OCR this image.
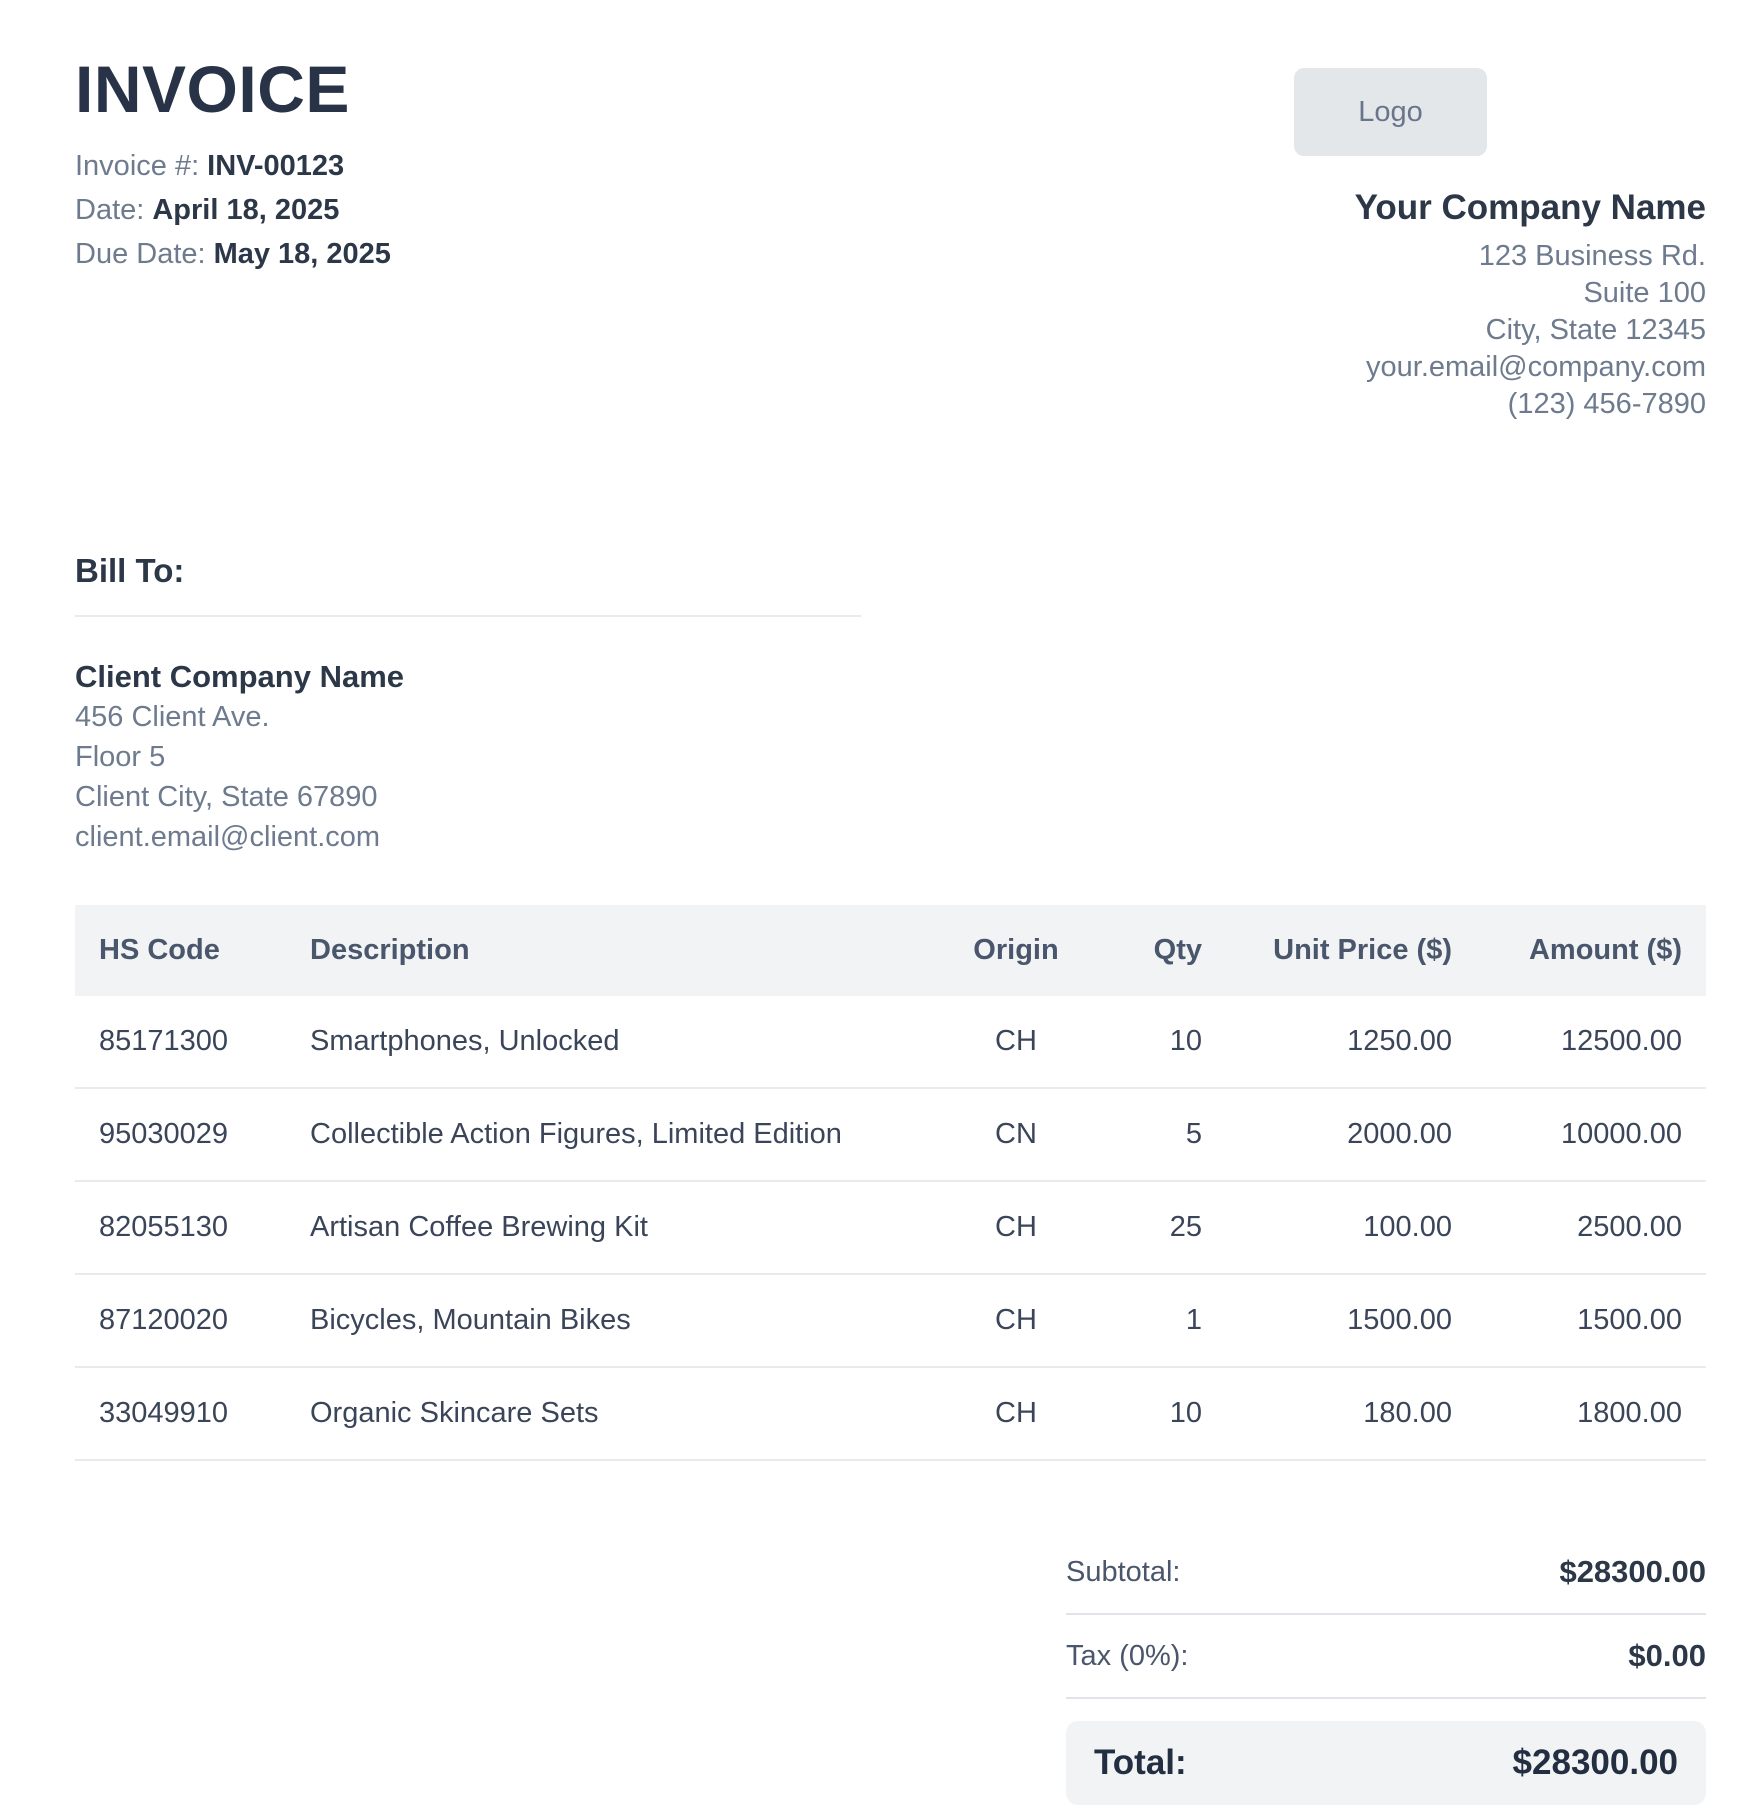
INVOICE
Invoice #: INV-00123
Date: April 18, 2025
Due Date: May 18, 2025
Logo
Your Company Name
123 Business Rd.
Suite 100
City, State 12345
your.email@company.com
(123) 456-7890
Bill To:
Client Company Name
456 Client Ave.
Floor 5
Client City, State 67890
client.email@client.com
HS Code	Description	Origin	Qty	Unit Price ($)	Amount ($)
85171300	Smartphones, Unlocked	CH	10	1250.00	12500.00
95030029	Collectible Action Figures, Limited Edition	CN	5	2000.00	10000.00
82055130	Artisan Coffee Brewing Kit	CH	25	100.00	2500.00
87120020	Bicycles, Mountain Bikes	CH	1	1500.00	1500.00
33049910	Organic Skincare Sets	CH	10	180.00	1800.00
Subtotal:	$28300.00
Tax (0%):	$0.00
Total:	$28300.00
